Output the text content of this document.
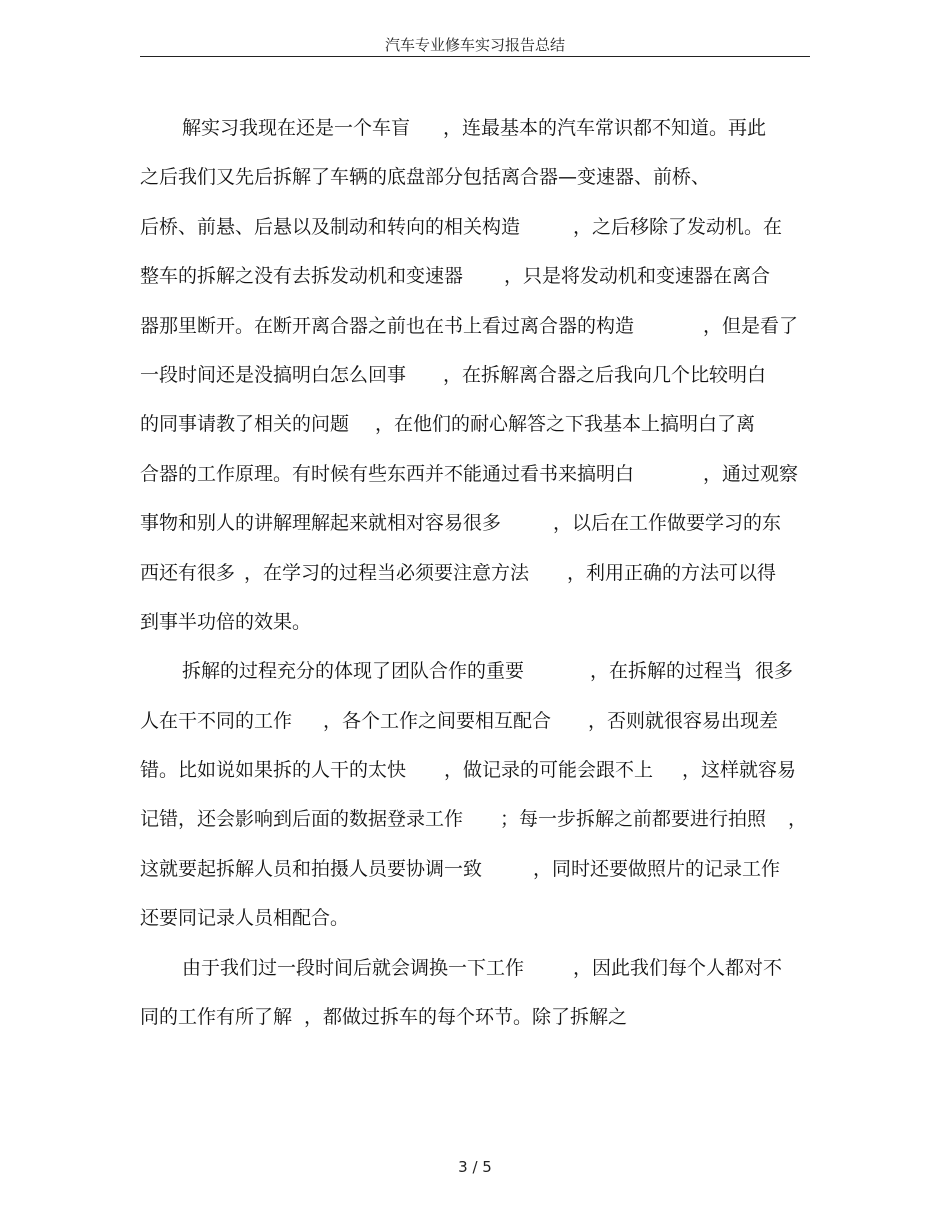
汽车专业修车实习报告总结
解实习我现在还是一个车盲 ，连最基本的汽车常识都不知道。再此
之后我们又先后拆解了车辆的底盘部分包括离合器—变速器、前桥、
后桥、前悬、后悬以及制动和转向的相关构造	，之后移除了发动机。在
整车的拆解之没有去拆发动机和变速器 ，只是将发动机和变速器在离合
器那里断开。在断开离合器之前也在书上看过离合器的构造	，但是看了
一段时间还是没搞明白怎么回事 ，在拆解离合器之后我向几个比较明白
的同事请教了相关的问题 ，在他们的耐心解答之下我基本上搞明白了离
合器的工作原理。有时候有些东西并不能通过看书来搞明白	，通过观察
事物和别人的讲解理解起来就相对容易很多	，以后在工作做要学习的东
西还有很多 ，在学习的过程当必须要注意方法 ，利用正确的方法可以得
到事半功倍的效果。
拆解的过程充分的体现了团队合作的重要	，在拆解的过程当
，很多
人在干不同的工作 ，各个工作之间要相互配合 ，否则就很容易出现差
错。比如说如果拆的人干的太快 ，做记录的可能会跟不上 ，这样就容易
记错，还会影响到后面的数据登录工作 ；每一步拆解之前都要进行拍照 ，
这就要起拆解人员和拍摄人员要协调一致	，同时还要做照片的记录工作
还要同记录人员相配合。
由于我们过一段时间后就会调换一下工作	，因此我们每个人都对不
同的工作有所了解 ，都做过拆车的每个环节。除了拆解之
3 / 5
